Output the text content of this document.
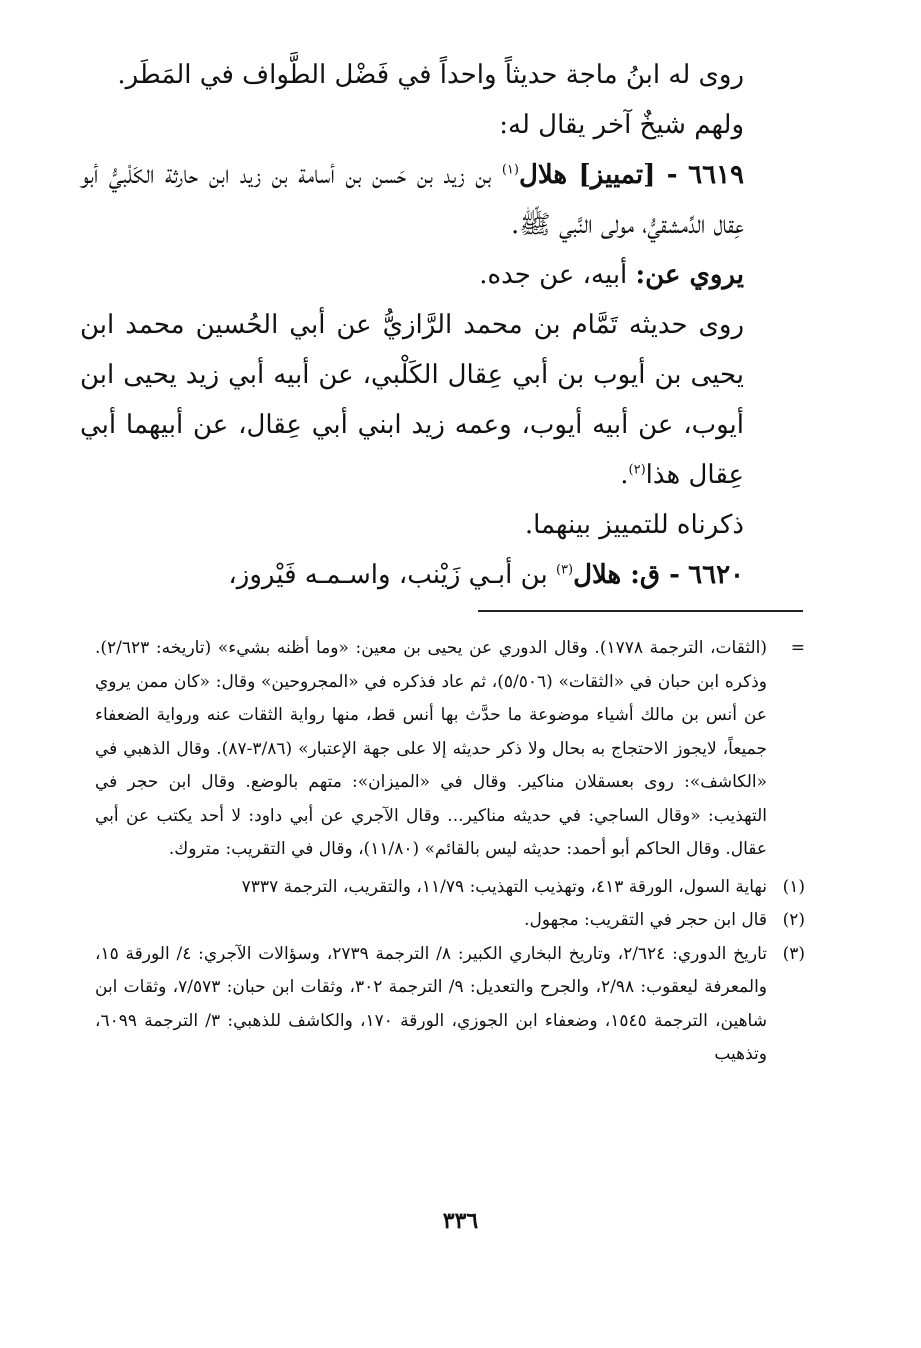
روى له ابنُ ماجة حديثاً واحداً في فَضْل الطَّواف في المَطَر.

ولهم شيخٌ آخر يقال له:

٦٦١٩ - [تمييز] هلال$^{(١)}$ بن زيد بن حَسن بن أسامة بن زيد ابن حارثة الكَلْبيُّ أبو عِقال الدِّمشقيُّ، مولى النَّبي ﷺ.

يروي عن: أبيه، عن جده.

روى حديثه تَمَّام بن محمد الرَّازيُّ عن أبي الحُسين محمد ابن يحيى بن أيوب بن أبي عِقال الكَلْبي، عن أبيه أبي زيد يحيى ابن أيوب، عن أبيه أيوب، وعمه زيد ابني أبي عِقال، عن أبيهما أبي عِقال هذا$^{(٢)}$.

ذكرناه للتمييز بينهما.

٦٦٢٠ - ق: هلال$^{(٣)}$ بن أبـي زَيْنب، واسـمـه فَيْروز،

=
(الثقات، الترجمة ١٧٧٨). وقال الدوري عن يحيى بن معين: «وما أظنه بشيء» (تاريخه: ٢/٦٢٣). وذكره ابن حبان في «الثقات» (٥/٥٠٦)، ثم عاد فذكره في «المجروحين» وقال: «كان ممن يروي عن أنس بن مالك أشياء موضوعة ما حدَّث بها أنس قط، منها رواية الثقات عنه ورواية الضعفاء جميعاً، لايجوز الاحتجاج به بحال ولا ذكر حديثه إلا على جهة الإعتبار» (٣/٨٦-٨٧). وقال الذهبي في «الكاشف»: روى بعسقلان مناكير. وقال في «الميزان»: متهم بالوضع. وقال ابن حجر في التهذيب: «وقال الساجي: في حديثه مناكير... وقال الآجري عن أبي داود: لا أحد يكتب عن أبي عقال. وقال الحاكم أبو أحمد: حديثه ليس بالقائم» (١١/٨٠)، وقال في التقريب: متروك.
(١)
نهاية السول، الورقة ٤١٣، وتهذيب التهذيب: ١١/٧٩، والتقريب، الترجمة ٧٣٣٧
(٢)
قال ابن حجر في التقريب: مجهول.
(٣)
تاريخ الدوري: ٢/٦٢٤، وتاريخ البخاري الكبير: ٨/ الترجمة ٢٧٣٩، وسؤالات الآجري: ٤/ الورقة ١٥، والمعرفة ليعقوب: ٢/٩٨، والجرح والتعديل: ٩/ الترجمة ٣٠٢، وثقات ابن حبان: ٧/٥٧٣، وثقات ابن شاهين، الترجمة ١٥٤٥، وضعفاء ابن الجوزي، الورقة ١٧٠، والكاشف للذهبي: ٣/ الترجمة ٦٠٩٩، وتذهيب
٣٣٦
